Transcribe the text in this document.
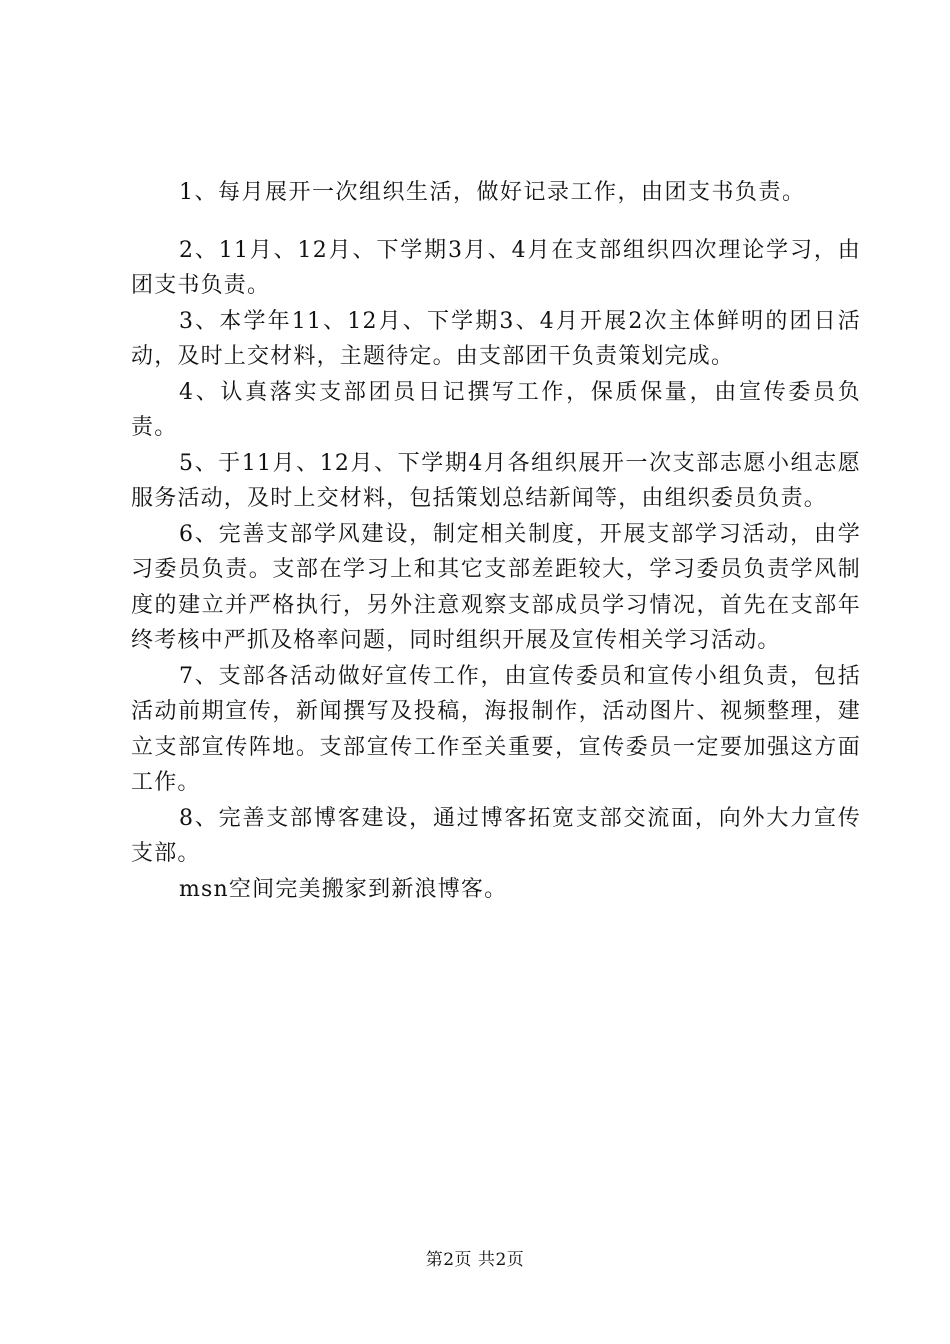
1、每月展开一次组织生活，做好记录工作，由团支书负责。

2、11月、12月、下学期3月、4月在支部组织四次理论学习，由团支书负责。

3、本学年11、12月、下学期3、4月开展2次主体鲜明的团日活动，及时上交材料，主题待定。由支部团干负责策划完成。

4、认真落实支部团员日记撰写工作，保质保量，由宣传委员负责。

5、于11月、12月、下学期4月各组织展开一次支部志愿小组志愿服务活动，及时上交材料，包括策划总结新闻等，由组织委员负责。

6、完善支部学风建设，制定相关制度，开展支部学习活动，由学习委员负责。支部在学习上和其它支部差距较大，学习委员负责学风制度的建立并严格执行，另外注意观察支部成员学习情况，首先在支部年终考核中严抓及格率问题，同时组织开展及宣传相关学习活动。

7、支部各活动做好宣传工作，由宣传委员和宣传小组负责，包括活动前期宣传，新闻撰写及投稿，海报制作，活动图片、视频整理，建立支部宣传阵地。支部宣传工作至关重要，宣传委员一定要加强这方面工作。

8、完善支部博客建设，通过博客拓宽支部交流面，向外大力宣传支部。

msn空间完美搬家到新浪博客。

第2页 共2页
